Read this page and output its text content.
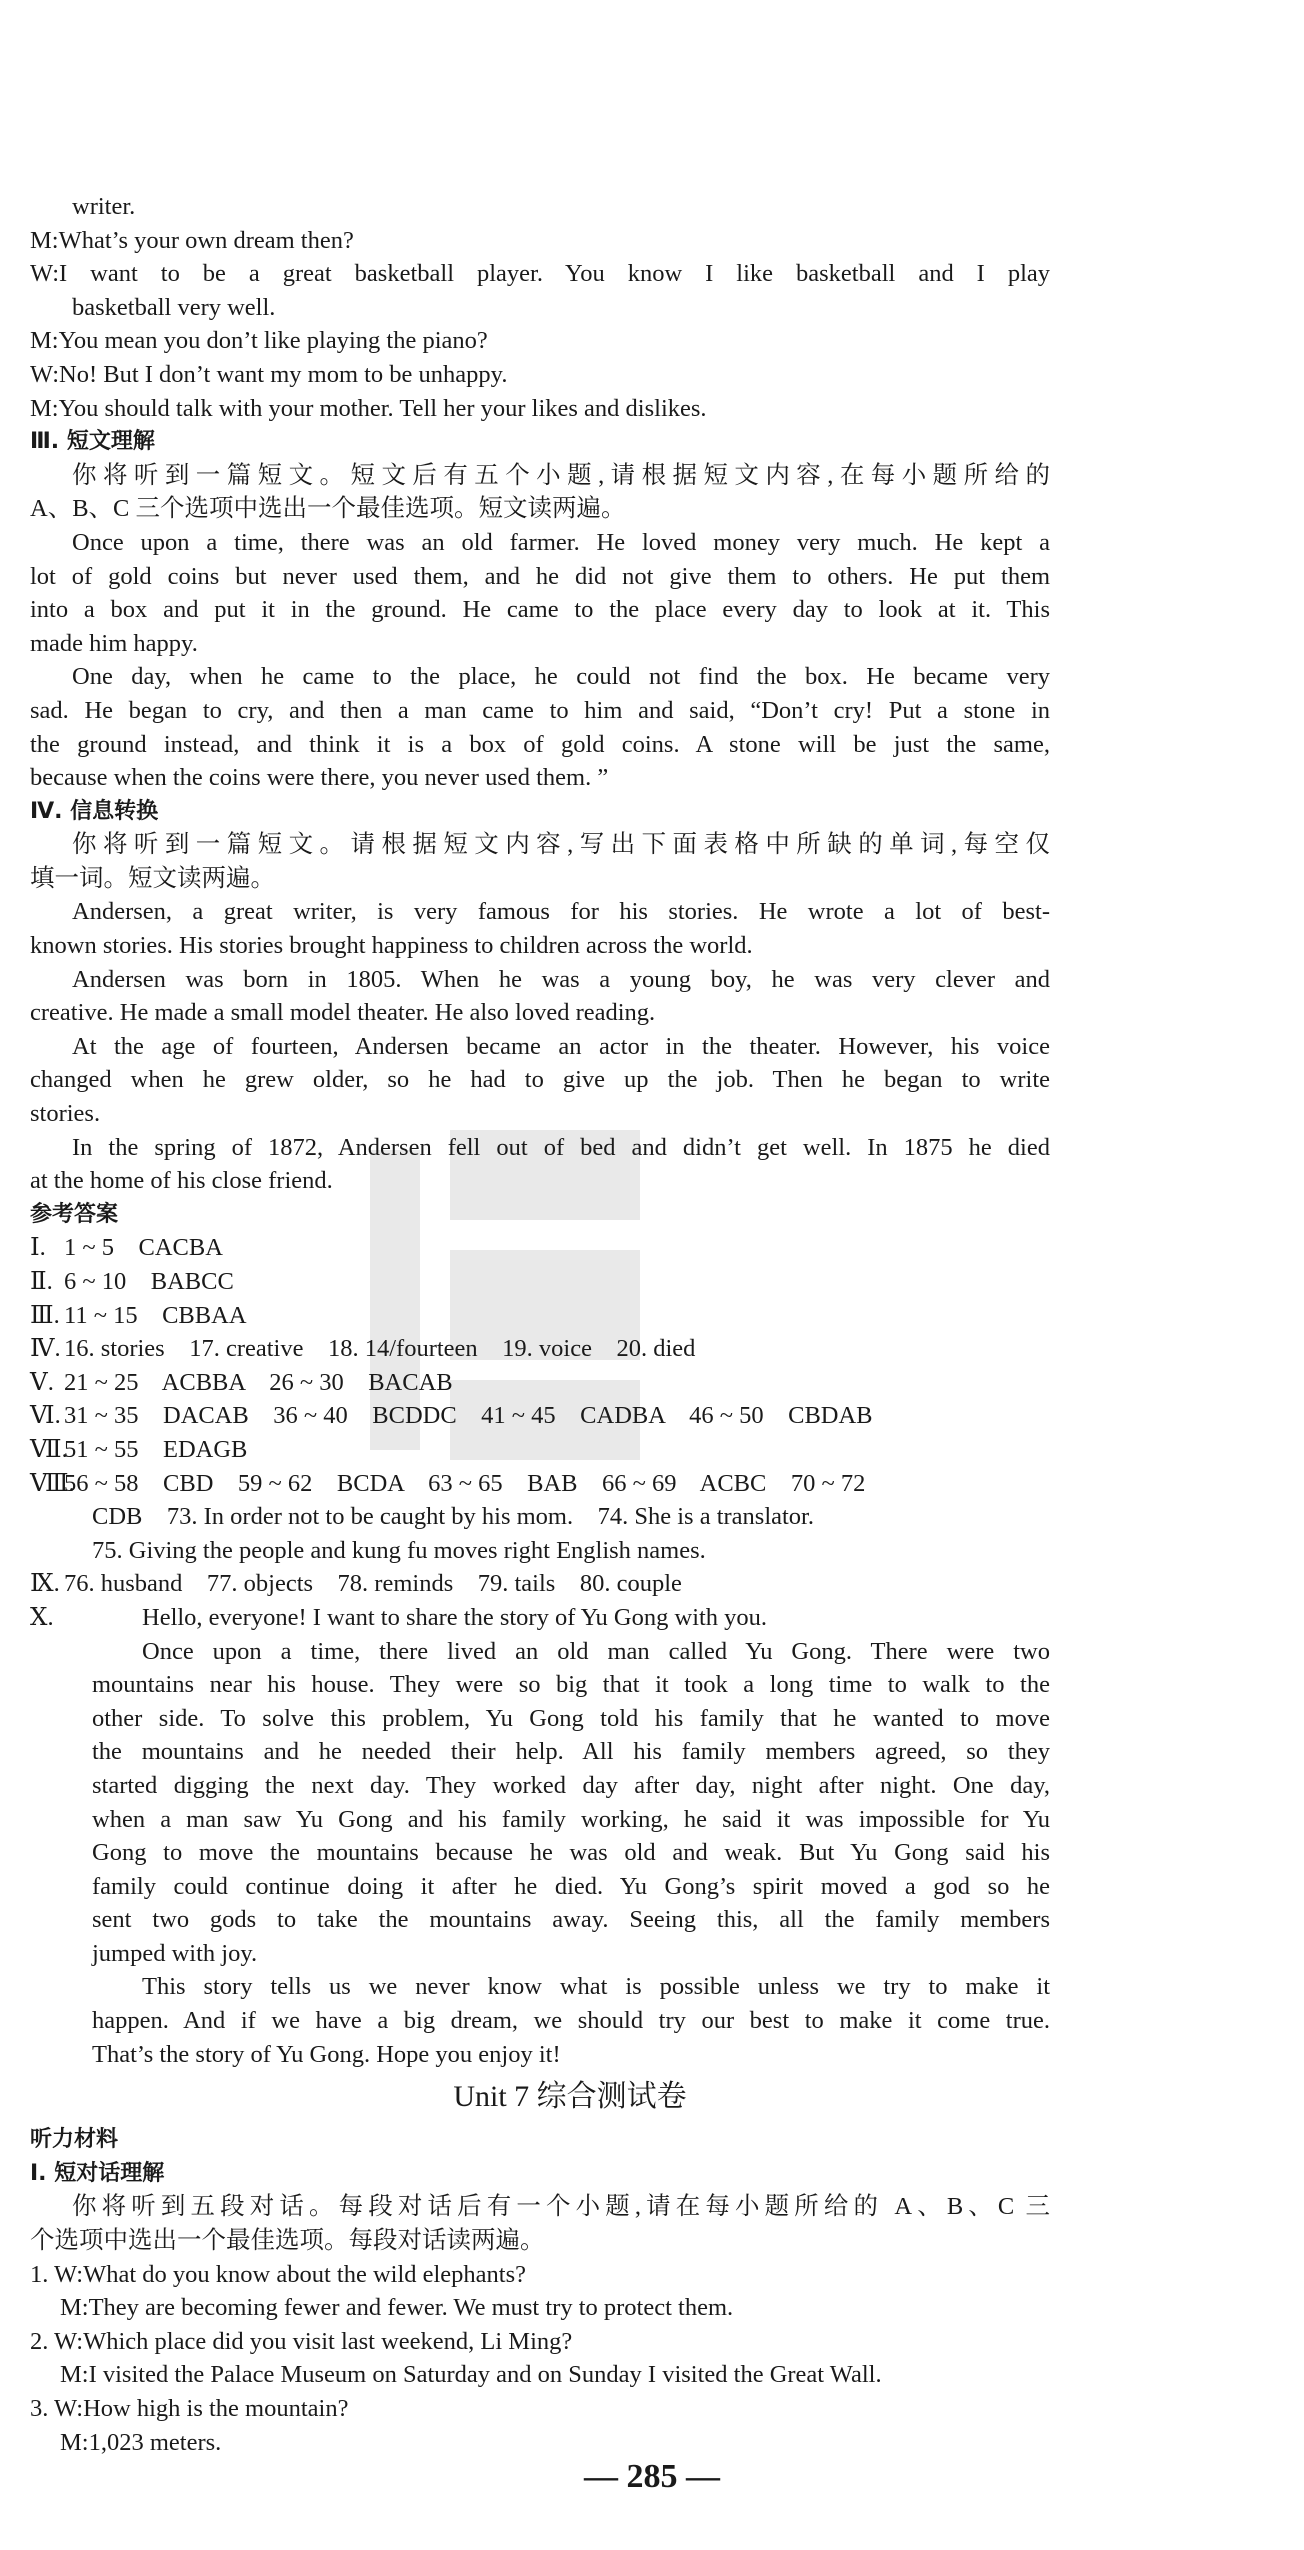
writer.
M:What’s your own dream then?
W:I want to be a great basketball player. You know I like basketball and I play
basketball very well.
M:You mean you don’t like playing the piano?
W:No! But I don’t want my mom to be unhappy.
M:You should talk with your mother. Tell her your likes and dislikes.
Ⅲ. 短文理解
你将听到一篇短文。短文后有五个小题,请根据短文内容,在每小题所给的
A、B、C 三个选项中选出一个最佳选项。短文读两遍。
Once upon a time, there was an old farmer. He loved money very much. He kept a
lot of gold coins but never used them, and he did not give them to others. He put them
into a box and put it in the ground. He came to the place every day to look at it. This
made him happy.
One day, when he came to the place, he could not find the box. He became very
sad. He began to cry, and then a man came to him and said, “Don’t cry! Put a stone in
the ground instead, and think it is a box of gold coins. A stone will be just the same,
because when the coins were there, you never used them. ”
Ⅳ. 信息转换
你将听到一篇短文。请根据短文内容,写出下面表格中所缺的单词,每空仅
填一词。短文读两遍。
Andersen, a great writer, is very famous for his stories. He wrote a lot of best-
known stories. His stories brought happiness to children across the world.
Andersen was born in 1805. When he was a young boy, he was very clever and
creative. He made a small model theater. He also loved reading.
At the age of fourteen, Andersen became an actor in the theater. However, his voice
changed when he grew older, so he had to give up the job. Then he began to write
stories.
In the spring of 1872, Andersen fell out of bed and didn’t get well. In 1875 he died
at the home of his close friend.
参考答案
Ⅰ. 1 ~ 5    CACBA
Ⅱ. 6 ~ 10    BABCC
Ⅲ. 11 ~ 15    CBBAA
Ⅳ. 16. stories    17. creative    18. 14/fourteen    19. voice    20. died
Ⅴ. 21 ~ 25    ACBBA    26 ~ 30    BACAB
Ⅵ. 31 ~ 35    DACAB    36 ~ 40    BCDDC    41 ~ 45    CADBA    46 ~ 50    CBDAB
Ⅶ.51 ~ 55    EDAGB
Ⅷ.56 ~ 58    CBD    59 ~ 62    BCDA    63 ~ 65    BAB    66 ~ 69    ACBC    70 ~ 72
CDB    73. In order not to be caught by his mom.    74. She is a translator.
75. Giving the people and kung fu moves right English names.
Ⅸ. 76. husband    77. objects    78. reminds    79. tails    80. couple
Ⅹ.	Hello, everyone! I want to share the story of Yu Gong with you.
Once upon a time, there lived an old man called Yu Gong. There were two
mountains near his house. They were so big that it took a long time to walk to the
other side. To solve this problem, Yu Gong told his family that he wanted to move
the mountains and he needed their help. All his family members agreed, so they
started digging the next day. They worked day after day, night after night. One day,
when a man saw Yu Gong and his family working, he said it was impossible for Yu
Gong to move the mountains because he was old and weak. But Yu Gong said his
family could continue doing it after he died. Yu Gong’s spirit moved a god so he
sent two gods to take the mountains away. Seeing this, all the family members
jumped with joy.
This story tells us we never know what is possible unless we try to make it
happen. And if we have a big dream, we should try our best to make it come true.
That’s the story of Yu Gong. Hope you enjoy it!
Unit 7 综合测试卷
听力材料
Ⅰ. 短对话理解
你将听到五段对话。每段对话后有一个小题,请在每小题所给的 A、B、C 三
个选项中选出一个最佳选项。每段对话读两遍。
1. W:What do you know about the wild elephants?
M:They are becoming fewer and fewer. We must try to protect them.
2. W:Which place did you visit last weekend, Li Ming?
M:I visited the Palace Museum on Saturday and on Sunday I visited the Great Wall.
3. W:How high is the mountain?
M:1,023 meters.
— 285 —
